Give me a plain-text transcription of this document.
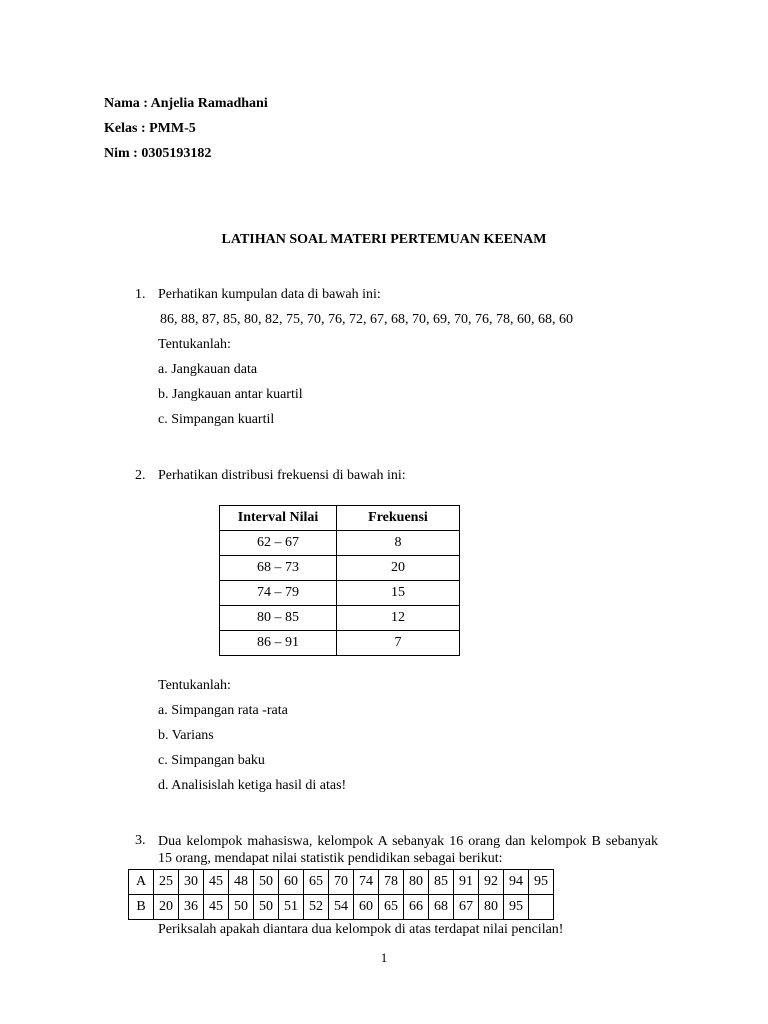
Nama : Anjelia Ramadhani
Kelas : PMM-5
Nim : 0305193182
LATIHAN SOAL MATERI PERTEMUAN KEENAM
1. Perhatikan kumpulan data di bawah ini:
86, 88, 87, 85, 80, 82, 75, 70, 76, 72, 67, 68, 70, 69, 70, 76, 78, 60, 68, 60
Tentukanlah:
a. Jangkauan data
b. Jangkauan antar kuartil
c. Simpangan kuartil
2. Perhatikan distribusi frekuensi di bawah ini:
Interval Nilai	Frekuensi
62 – 67	8
68 – 73	20
74 – 79	15
80 – 85	12
86 – 91	7
Tentukanlah:
a. Simpangan rata -rata
b. Varians
c. Simpangan baku
d. Analisislah ketiga hasil di atas!
3. Dua kelompok mahasiswa, kelompok A sebanyak 16 orang dan kelompok B sebanyak 15 orang, mendapat nilai statistik pendidikan sebagai berikut:
A	25	30	45	48	50	60	65	70	74	78	80	85	91	92	94	95
B	20	36	45	50	50	51	52	54	60	65	66	68	67	80	95	
Periksalah apakah diantara dua kelompok di atas terdapat nilai pencilan!
1
